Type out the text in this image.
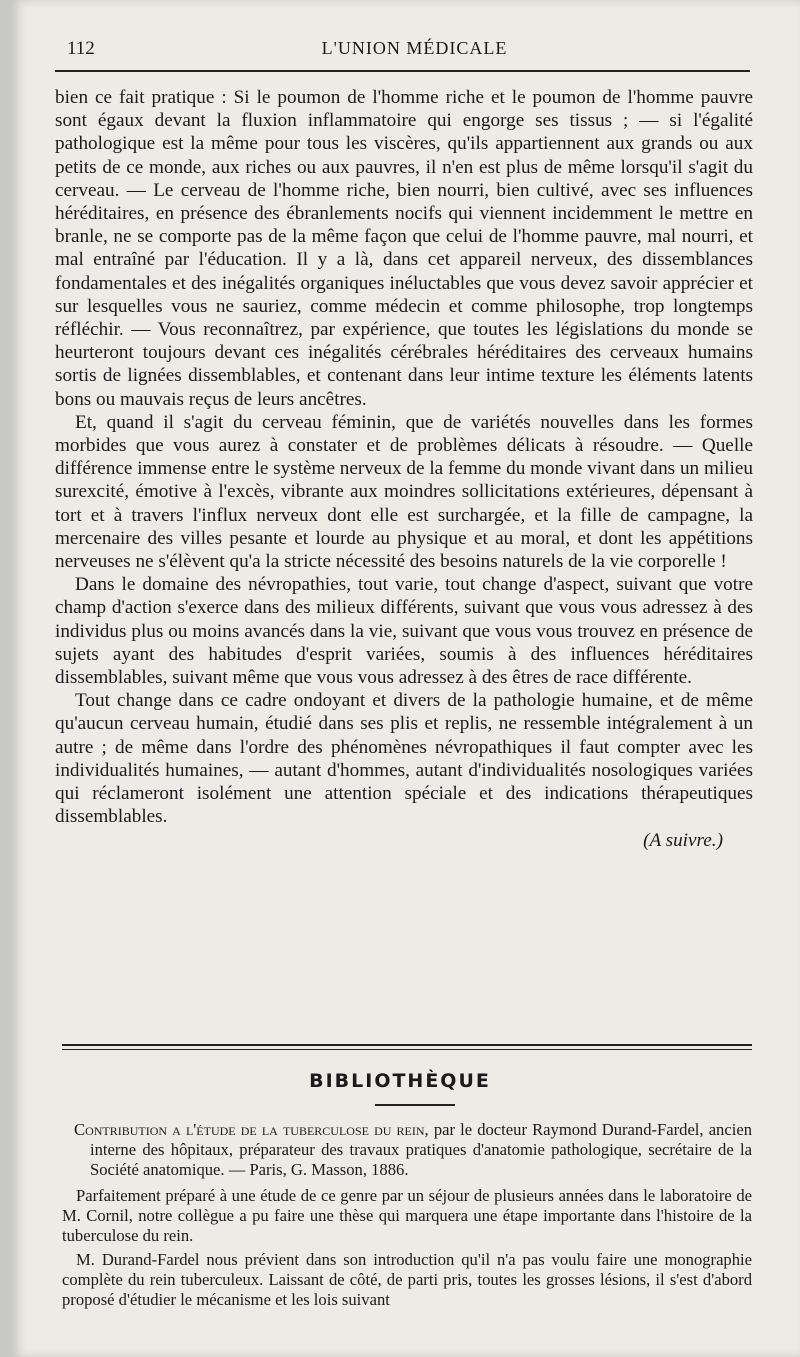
112	L'UNION MÉDICALE

bien ce fait pratique : Si le poumon de l'homme riche et le poumon de l'homme pauvre sont égaux devant la fluxion inflammatoire qui engorge ses tissus ; — si l'égalité pathologique est la même pour tous les viscères, qu'ils appartiennent aux grands ou aux petits de ce monde, aux riches ou aux pauvres, il n'en est plus de même lorsqu'il s'agit du cerveau. — Le cerveau de l'homme riche, bien nourri, bien cultivé, avec ses influences héréditaires, en présence des ébranlements nocifs qui viennent incidemment le mettre en branle, ne se comporte pas de la même façon que celui de l'homme pauvre, mal nourri, et mal entraîné par l'éducation. Il y a là, dans cet appareil nerveux, des dissemblances fondamentales et des inégalités organiques inéluctables que vous devez savoir apprécier et sur lesquelles vous ne sauriez, comme médecin et comme philosophe, trop longtemps réfléchir. — Vous reconnaîtrez, par expérience, que toutes les législations du monde se heurteront toujours devant ces inégalités cérébrales héréditaires des cerveaux humains sortis de lignées dissemblables, et contenant dans leur intime texture les éléments latents bons ou mauvais reçus de leurs ancêtres.

Et, quand il s'agit du cerveau féminin, que de variétés nouvelles dans les formes morbides que vous aurez à constater et de problèmes délicats à résoudre. — Quelle différence immense entre le système nerveux de la femme du monde vivant dans un milieu surexcité, émotive à l'excès, vibrante aux moindres sollicitations extérieures, dépensant à tort et à travers l'influx nerveux dont elle est surchargée, et la fille de campagne, la mercenaire des villes pesante et lourde au physique et au moral, et dont les appétitions nerveuses ne s'élèvent qu'a la stricte nécessité des besoins naturels de la vie corporelle !

Dans le domaine des névropathies, tout varie, tout change d'aspect, suivant que votre champ d'action s'exerce dans des milieux différents, suivant que vous vous adressez à des individus plus ou moins avancés dans la vie, suivant que vous vous trouvez en présence de sujets ayant des habitudes d'esprit variées, soumis à des influences héréditaires dissemblables, suivant même que vous vous adressez à des êtres de race différente.

Tout change dans ce cadre ondoyant et divers de la pathologie humaine, et de même qu'aucun cerveau humain, étudié dans ses plis et replis, ne ressemble intégralement à un autre ; de même dans l'ordre des phénomènes névropathiques il faut compter avec les individualités humaines, — autant d'hommes, autant d'individualités nosologiques variées qui réclameront isolément une attention spéciale et des indications thérapeutiques dissemblables.

(A suivre.)

BIBLIOTHÈQUE

Contribution a l'étude de la tuberculose du rein, par le docteur Raymond Durand-Fardel, ancien interne des hôpitaux, préparateur des travaux pratiques d'anatomie pathologique, secrétaire de la Société anatomique. — Paris, G. Masson, 1886.

Parfaitement préparé à une étude de ce genre par un séjour de plusieurs années dans le laboratoire de M. Cornil, notre collègue a pu faire une thèse qui marquera une étape importante dans l'histoire de la tuberculose du rein.

M. Durand-Fardel nous prévient dans son introduction qu'il n'a pas voulu faire une monographie complète du rein tuberculeux. Laissant de côté, de parti pris, toutes les grosses lésions, il s'est d'abord proposé d'étudier le mécanisme et les lois suivant
